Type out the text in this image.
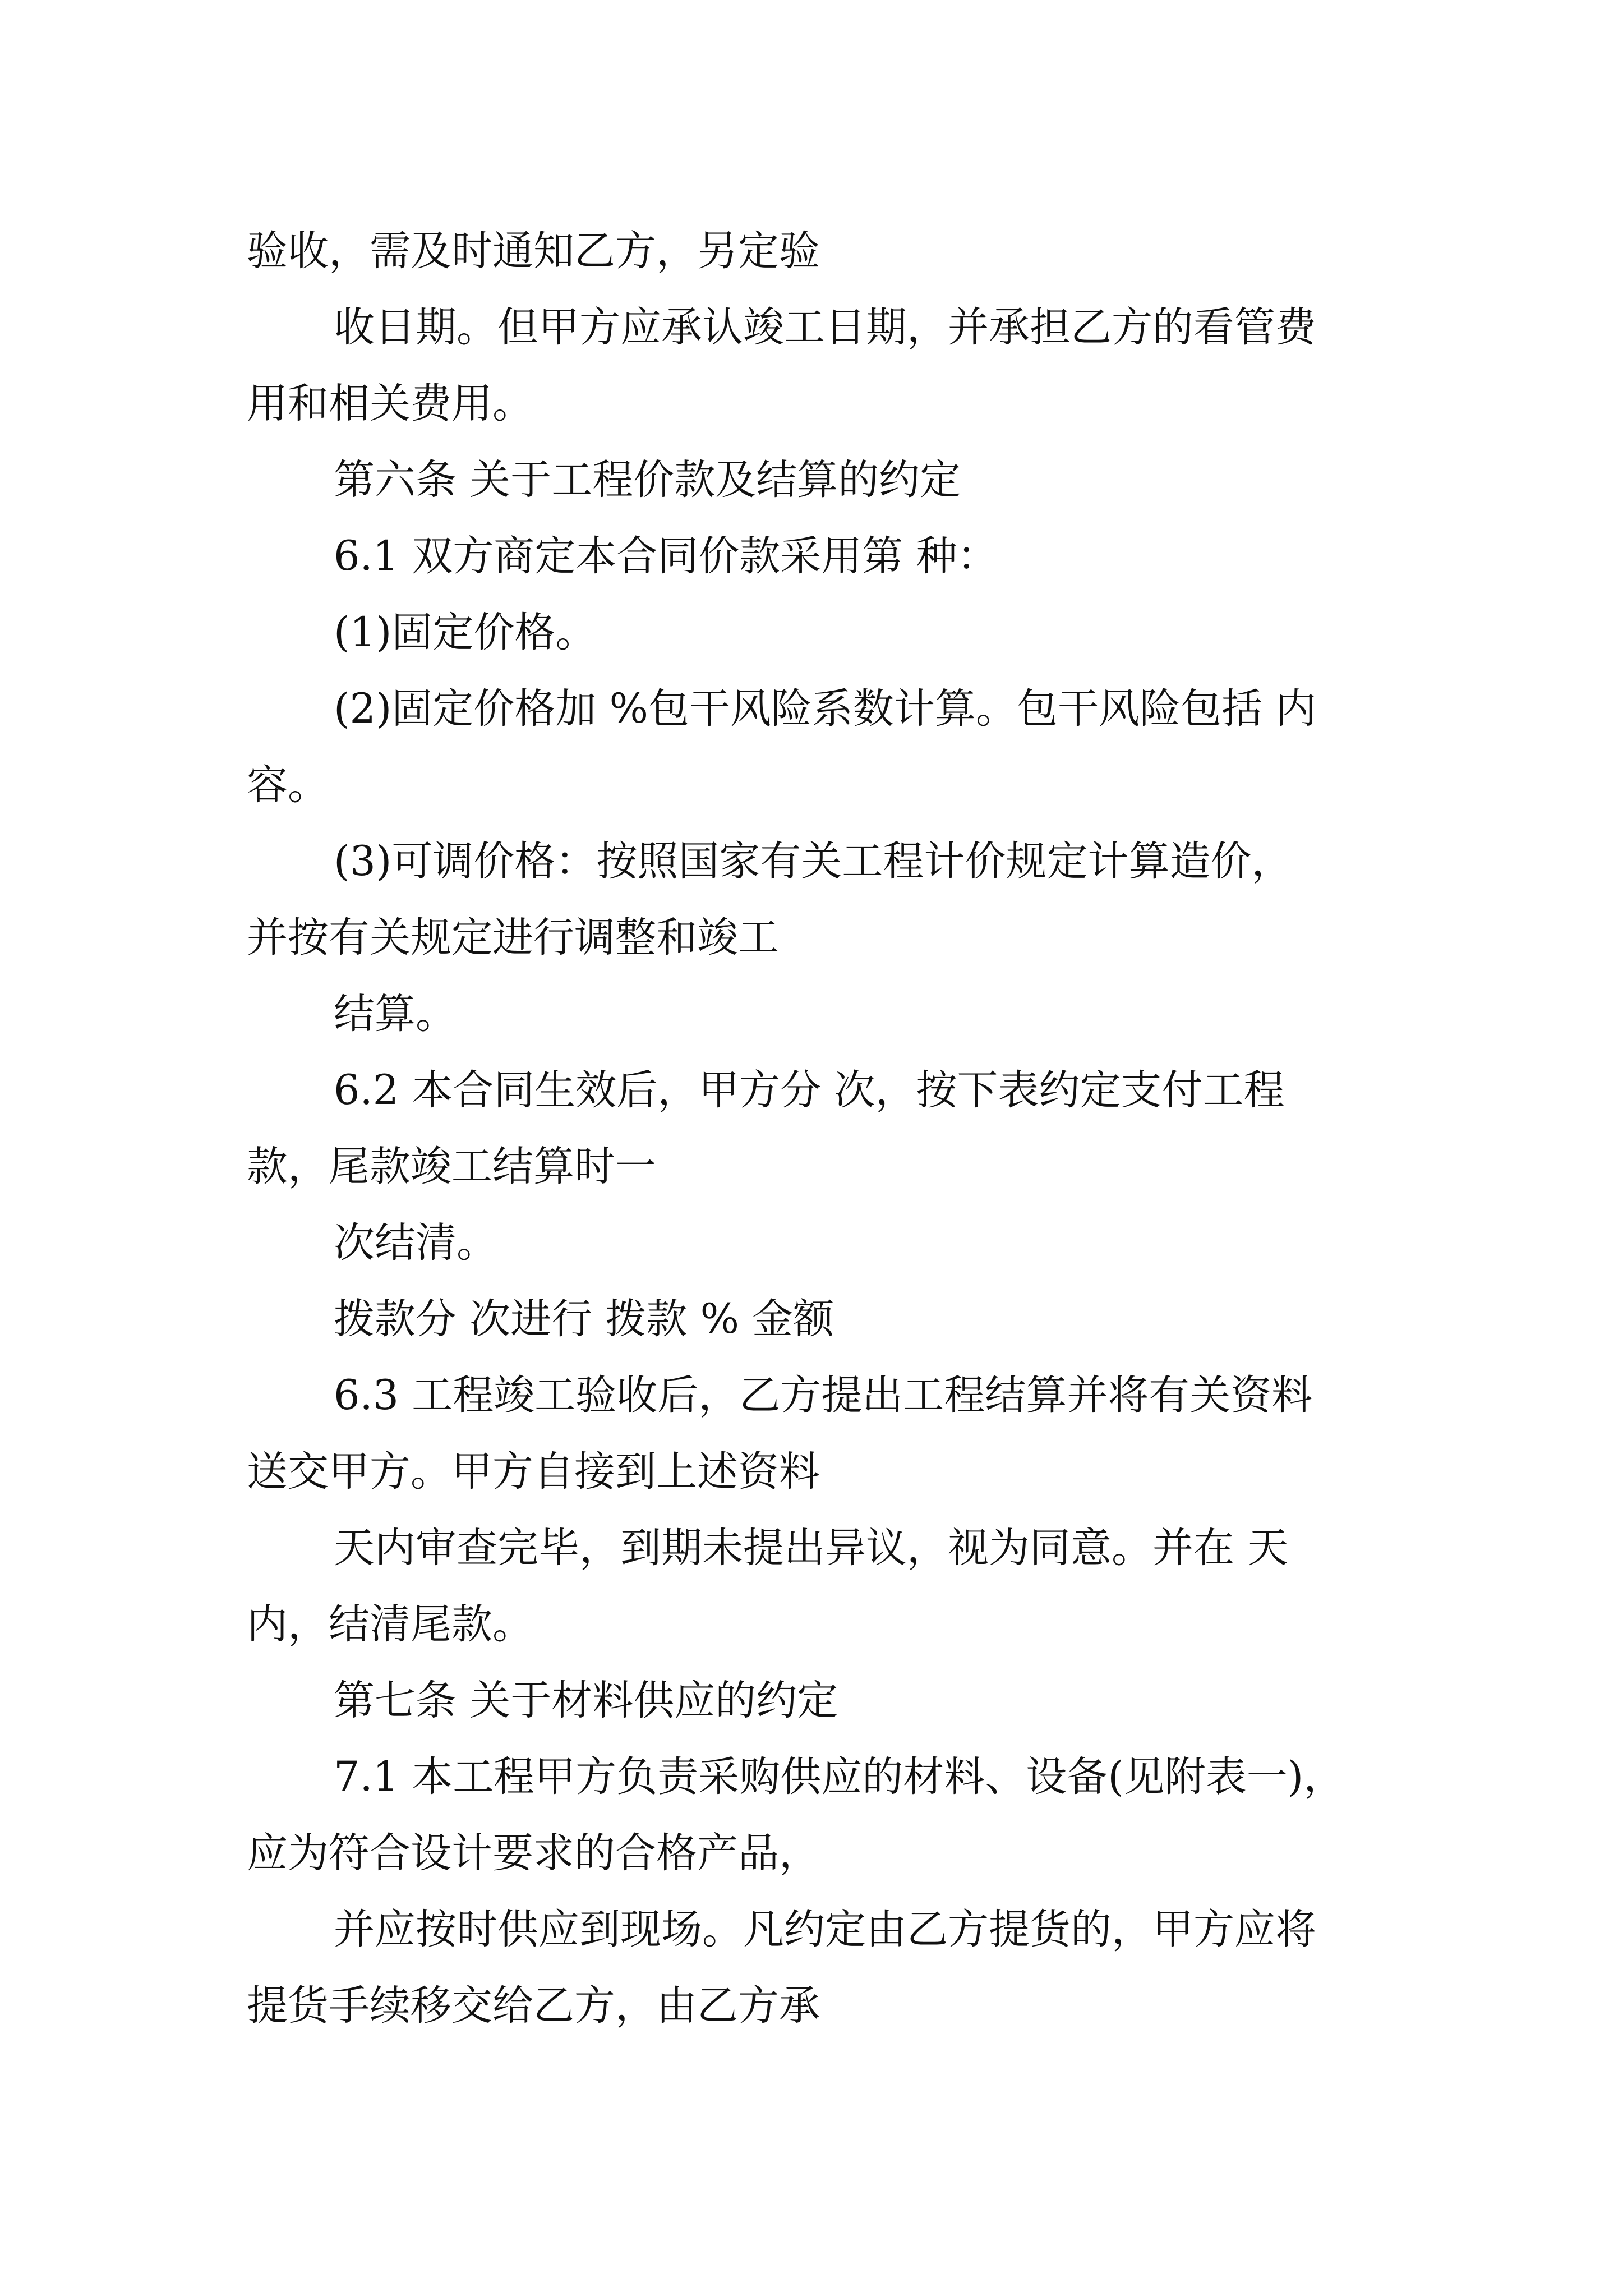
验收，需及时通知乙方，另定验
收日期。但甲方应承认竣工日期，并承担乙方的看管费
用和相关费用。
第六条 关于工程价款及结算的约定
6.1 双方商定本合同价款采用第 种：
(1)固定价格。
(2)固定价格加 %包干风险系数计算。包干风险包括 内
容。
(3)可调价格：按照国家有关工程计价规定计算造价，
并按有关规定进行调整和竣工
结算。
6.2 本合同生效后，甲方分 次，按下表约定支付工程
款，尾款竣工结算时一
次结清。
拨款分 次进行 拨款 % 金额
6.3 工程竣工验收后，乙方提出工程结算并将有关资料
送交甲方。甲方自接到上述资料
天内审查完毕，到期未提出异议，视为同意。并在 天
内，结清尾款。
第七条 关于材料供应的约定
7.1 本工程甲方负责采购供应的材料、设备(见附表一)，
应为符合设计要求的合格产品，
并应按时供应到现场。凡约定由乙方提货的，甲方应将
提货手续移交给乙方，由乙方承
